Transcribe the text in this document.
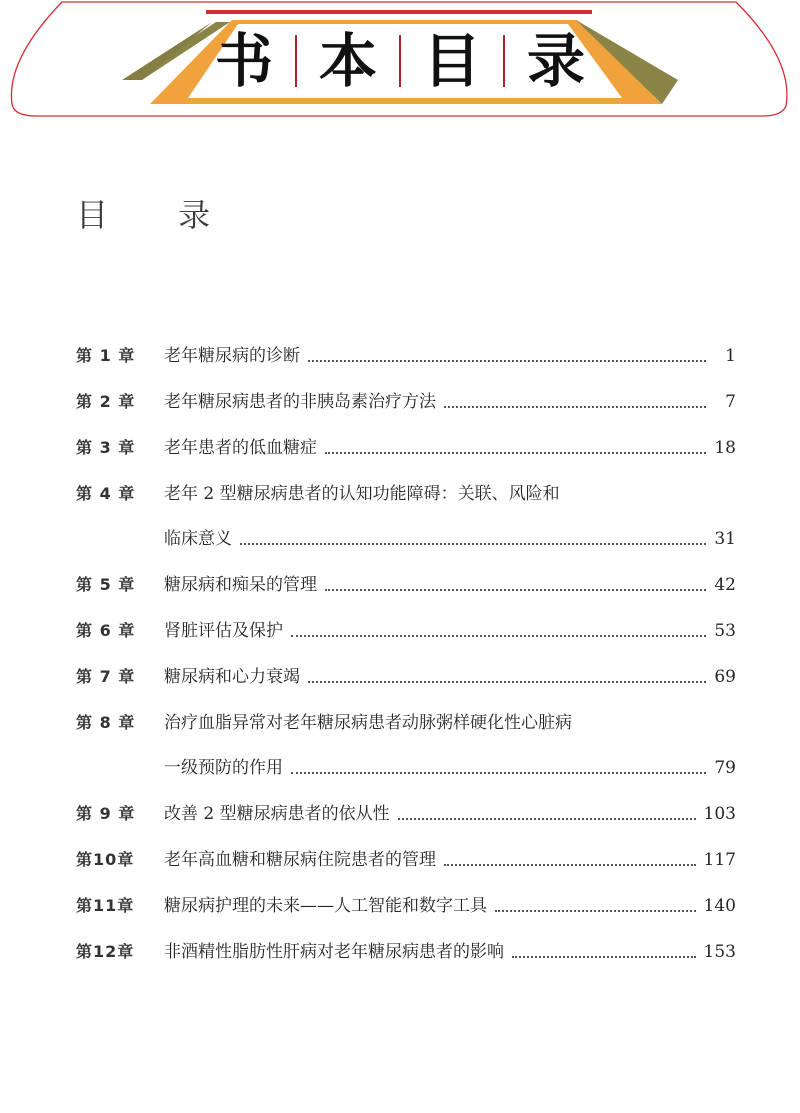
书 本 目 录
目 录
第 1 章	老年糖尿病的诊断	1
第 2 章	老年糖尿病患者的非胰岛素治疗方法	7
第 3 章	老年患者的低血糖症	18
第 4 章	老年 2 型糖尿病患者的认知功能障碍：关联、风险和
临床意义	31
第 5 章	糖尿病和痴呆的管理	42
第 6 章	肾脏评估及保护	53
第 7 章	糖尿病和心力衰竭	69
第 8 章	治疗血脂异常对老年糖尿病患者动脉粥样硬化性心脏病
一级预防的作用	79
第 9 章	改善 2 型糖尿病患者的依从性	103
第10章	老年高血糖和糖尿病住院患者的管理	117
第11章	糖尿病护理的未来——人工智能和数字工具	140
第12章	非酒精性脂肪性肝病对老年糖尿病患者的影响	153
